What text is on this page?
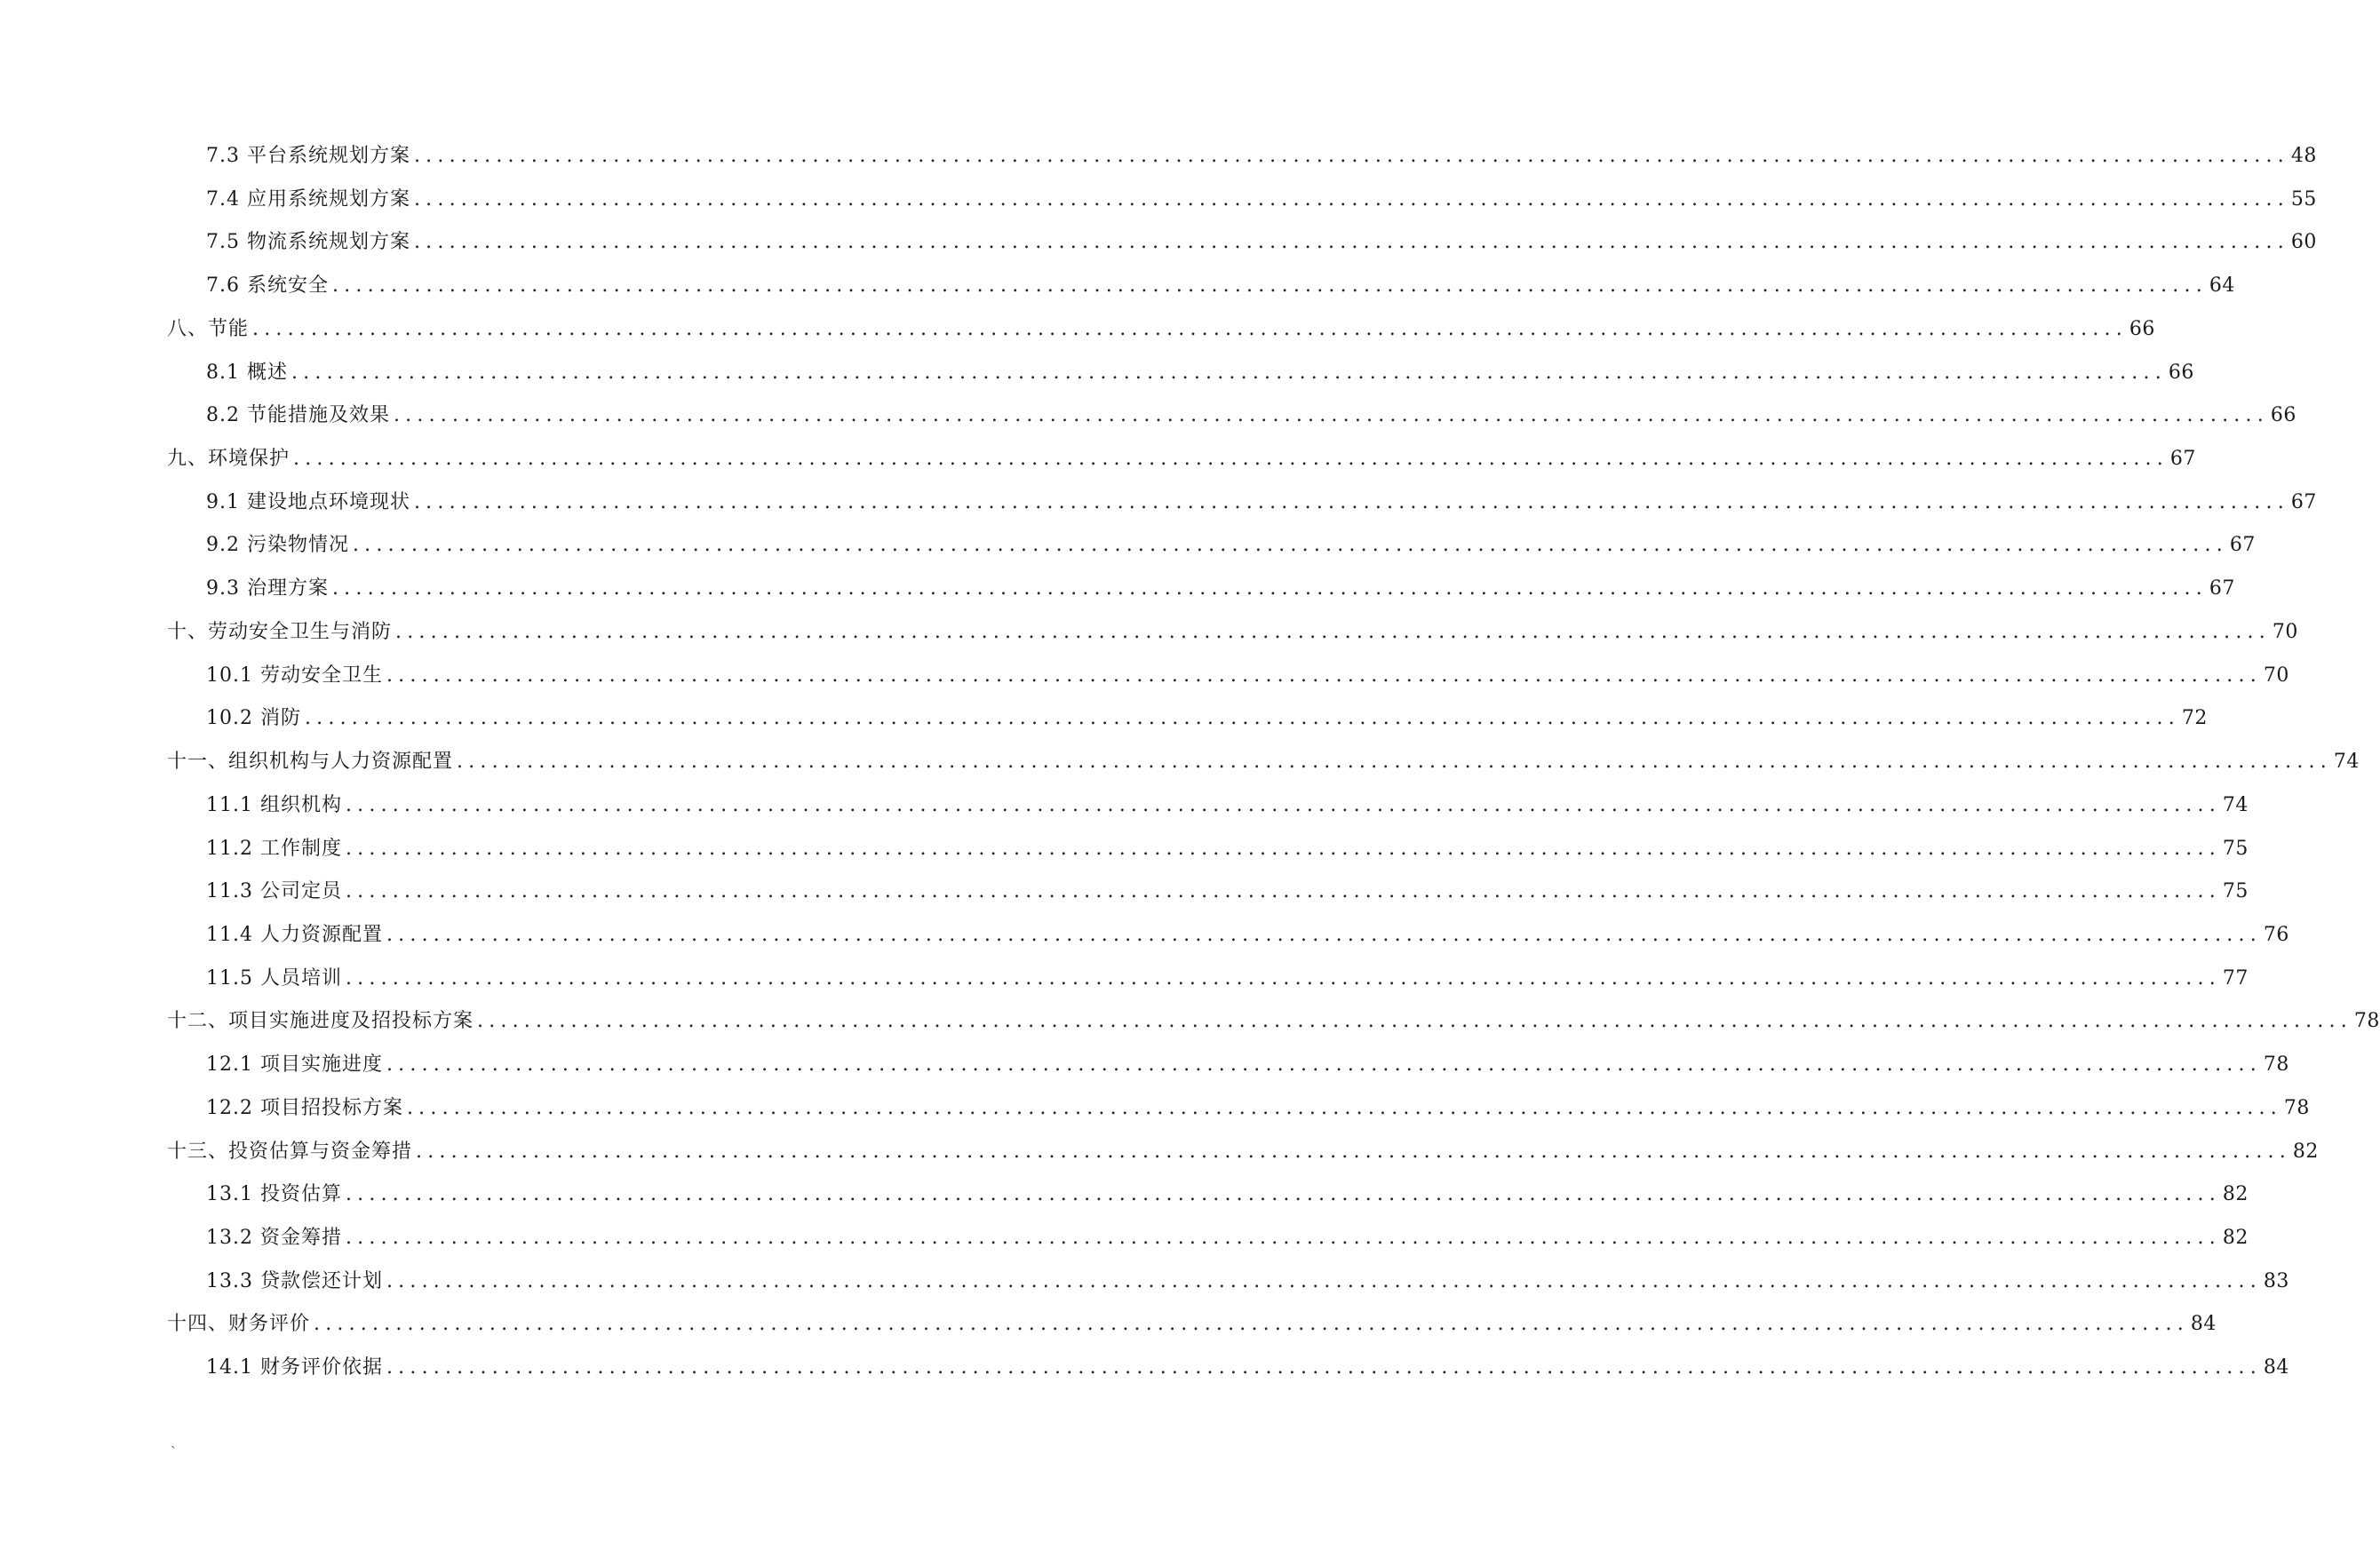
7.3 平台系统规划方案 ................................................................................................................................................................ 48
7.4 应用系统规划方案 ................................................................................................................................................................ 55
7.5 物流系统规划方案 ................................................................................................................................................................ 60
7.6 系统安全 ................................................................................................................................................................ 64
八、节能 ................................................................................................................................................................ 66
8.1 概述 ................................................................................................................................................................ 66
8.2 节能措施及效果 ................................................................................................................................................................ 66
九、环境保护 ................................................................................................................................................................ 67
9.1 建设地点环境现状 ................................................................................................................................................................ 67
9.2 污染物情况 ................................................................................................................................................................ 67
9.3 治理方案 ................................................................................................................................................................ 67
十、劳动安全卫生与消防 ................................................................................................................................................................ 70
10.1 劳动安全卫生 ................................................................................................................................................................ 70
10.2 消防 ................................................................................................................................................................ 72
十一、组织机构与人力资源配置 ................................................................................................................................................................ 74
11.1 组织机构 ................................................................................................................................................................ 74
11.2 工作制度 ................................................................................................................................................................ 75
11.3 公司定员 ................................................................................................................................................................ 75
11.4 人力资源配置 ................................................................................................................................................................ 76
11.5 人员培训 ................................................................................................................................................................ 77
十二、项目实施进度及招投标方案 ................................................................................................................................................................ 78
12.1 项目实施进度 ................................................................................................................................................................ 78
12.2 项目招投标方案 ................................................................................................................................................................ 78
十三、投资估算与资金筹措 ................................................................................................................................................................ 82
13.1 投资估算 ................................................................................................................................................................ 82
13.2 资金筹措 ................................................................................................................................................................ 82
13.3 贷款偿还计划 ................................................................................................................................................................ 83
十四、财务评价 ................................................................................................................................................................ 84
14.1 财务评价依据 ................................................................................................................................................................ 84
`
